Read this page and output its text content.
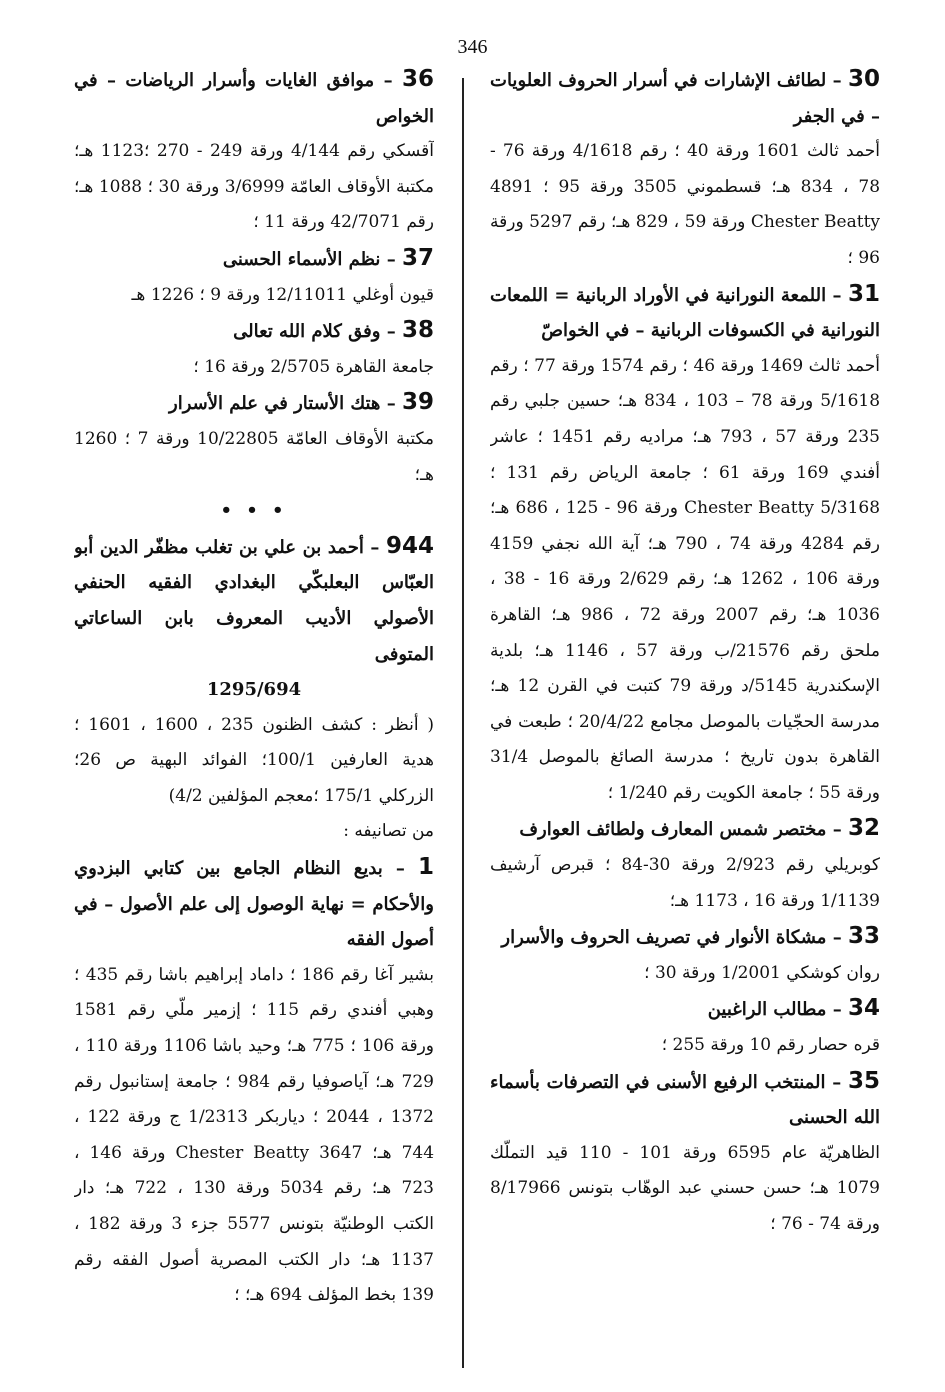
346

30 – لطائف الإشارات في أسرار الحروف العلويات – في الجفر

أحمد ثالث 1601 ورقة 40 ؛ رقم 4/1618 ورقة 76 - 78 ، 834 هـ؛ قسطموني 3505 ورقة 95 ؛ 4891 Chester Beatty ورقة 59 ، 829 هـ؛ رقم 5297 ورقة 96 ؛

31 – اللمعة النورانية في الأوراد الربانية = اللمعات النورانية في الكسوفات الربانية – في الخواصّ

أحمد ثالث 1469 ورقة 46 ؛ رقم 1574 ورقة 77 ؛ رقم 5/1618 ورقة 78 – 103 ، 834 هـ؛ حسين جلبي رقم 235 ورقة 57 ، 793 هـ؛ مراديه رقم 1451 ؛ عاشر أفندي 169 ورقة 61 ؛ جامعة الرياض رقم 131 ؛ 5/3168 Chester Beatty ورقة 96 - 125 ، 686 هـ؛ رقم 4284 ورقة 74 ، 790 هـ؛ آية الله نجفي 4159 ورقة 106 ، 1262 هـ؛ رقم 2/629 ورقة 16 - 38 ، 1036 هـ؛ رقم 2007 ورقة 72 ، 986 هـ؛ القاهرة ملحق رقم 21576/ب ورقة 57 ، 1146 هـ؛ بلدية الإسكندرية 5145/د ورقة 79 كتبت في القرن 12 هـ؛ مدرسة الحجّيات بالموصل مجامع 20/4/22 ؛ طبعت في القاهرة بدون تاريخ ؛ مدرسة الصائغ بالموصل 31/4 ورقة 55 ؛ جامعة الكويت رقم 1/240 ؛

32 – مختصر شمس المعارف ولطائف العوارف

كوبريلي رقم 2/923 ورقة 30-84 ؛ قبرص آرشيف 1/1139 ورقة 16 ، 1173 هـ؛

33 – مشكاة الأنوار في تصريف الحروف والأسرار

روان كوشكي 1/2001 ورقة 30 ؛

34 – مطالب الراغبين

قره حصار رقم 10 ورقة 255 ؛

35 – المنتخب الرفيع الأسنى في التصرفات بأسماء الله الحسنى

الظاهريّة عام 6595 ورقة 101 - 110 قيد التملّك 1079 هـ؛ حسن حسني عبد الوهّاب بتونس 8/17966 ورقة 74 - 76 ؛

36 – موافق الغايات وأسرار الرياضات – في الخواص

آقسكي رقم 4/144 ورقة 249 - 270 ؛1123 هـ؛مكتبة الأوقاف العامّة 3/6999 ورقة 30 ؛ 1088 هـ؛ رقم 42/7071 ورقة 11 ؛

37 – نظم الأسماء الحسنى

قيون أوغلي 12/11011 ورقة 9 ؛ 1226 هـ

38 – وفق كلام الله تعالى

جامعة القاهرة 2/5705 ورقة 16 ؛

39 – هتك الأستار في علم الأسرار

مكتبة الأوقاف العامّة 10/22805 ورقة 7 ؛ 1260 هـ؛

• • •

944 – أحمد بن علي بن تغلب مظفّر الدين أبو العبّاس البعلبكّي البغدادي الفقيه الحنفي الأصولي الأديب المعروف بابن الساعاتي المتوفى

1295/694

( أنظر : كشف الظنون 235 ، 1600 ، 1601 ؛ هدية العارفين 100/1؛ الفوائد البهية ص 26؛ الزركلي 175/1 ؛معجم المؤلفين 4/2)

من تصانيفه :

1 – بديع النظام الجامع بين كتابي البزدوي والأحكام = نهاية الوصول إلى علم الأصول – في أصول الفقه

بشير آغا رقم 186 ؛ داماد إبراهيم باشا رقم 435 ؛ وهبي أفندي رقم 115 ؛ إزمير ملّي رقم 1581 ورقة 106 ؛ 775 هـ؛ وحيد باشا 1106 ورقة 110 ، 729 هـ؛ آياصوفيا رقم 984 ؛ جامعة إستانبول رقم 1372 ، 2044 ؛ دياربكر 1/2313 ج ورقة 122 ، 744 هـ؛ 3647 Chester Beatty ورقة 146 ، 723 هـ؛ رقم 5034 ورقة 130 ، 722 هـ؛ دار الكتب الوطنيّة بتونس 5577 جزء 3 ورقة 182 ، 1137 هـ؛ دار الكتب المصرية أصول الفقه رقم 139 بخط المؤلف 694 هـ؛ ؛
